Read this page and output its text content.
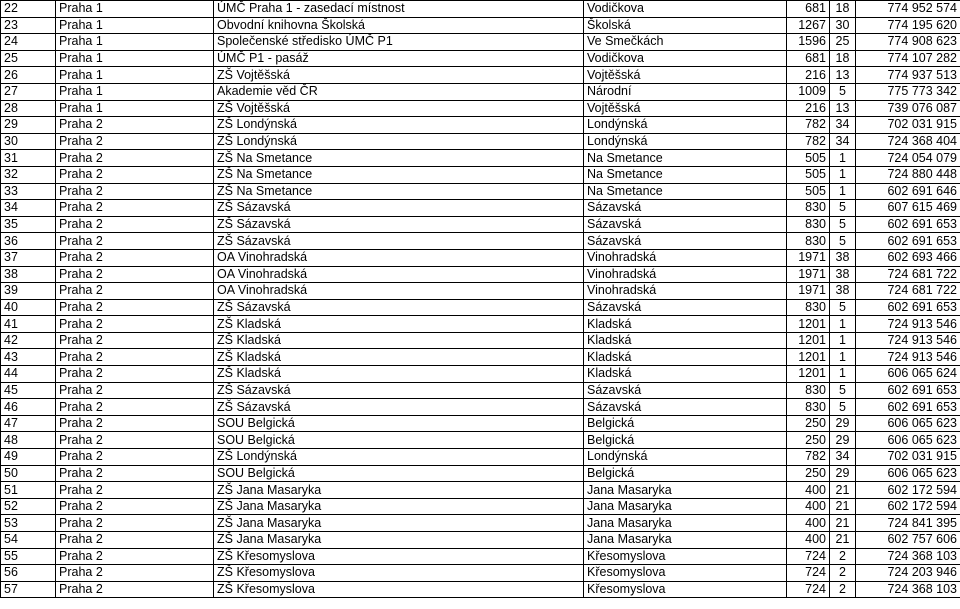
22	Praha 1	ÚMČ Praha 1 - zasedací místnost	Vodičkova	681	18	774 952 574
23	Praha 1	Obvodní knihovna Školská	Školská	1267	30	774 195 620
24	Praha 1	Společenské středisko ÚMČ P1	Ve Smečkách	1596	25	774 908 623
25	Praha 1	ÚMČ P1 - pasáž	Vodičkova	681	18	774 107 282
26	Praha 1	ZŠ Vojtěšská	Vojtěšská	216	13	774 937 513
27	Praha 1	Akademie věd ČR	Národní	1009	5	775 773 342
28	Praha 1	ZŠ Vojtěšská	Vojtěšská	216	13	739 076 087
29	Praha 2	ZŠ Londýnská	Londýnská	782	34	702 031 915
30	Praha 2	ZŠ Londýnská	Londýnská	782	34	724 368 404
31	Praha 2	ZŠ Na Smetance	Na Smetance	505	1	724 054 079
32	Praha 2	ZŠ Na Smetance	Na Smetance	505	1	724 880 448
33	Praha 2	ZŠ Na Smetance	Na Smetance	505	1	602 691 646
34	Praha 2	ZŠ Sázavská	Sázavská	830	5	607 615 469
35	Praha 2	ZŠ Sázavská	Sázavská	830	5	602 691 653
36	Praha 2	ZŠ Sázavská	Sázavská	830	5	602 691 653
37	Praha 2	OA Vinohradská	Vinohradská	1971	38	602 693 466
38	Praha 2	OA Vinohradská	Vinohradská	1971	38	724 681 722
39	Praha 2	OA Vinohradská	Vinohradská	1971	38	724 681 722
40	Praha 2	ZŠ Sázavská	Sázavská	830	5	602 691 653
41	Praha 2	ZŠ Kladská	Kladská	1201	1	724 913 546
42	Praha 2	ZŠ Kladská	Kladská	1201	1	724 913 546
43	Praha 2	ZŠ Kladská	Kladská	1201	1	724 913 546
44	Praha 2	ZŠ Kladská	Kladská	1201	1	606 065 624
45	Praha 2	ZŠ Sázavská	Sázavská	830	5	602 691 653
46	Praha 2	ZŠ Sázavská	Sázavská	830	5	602 691 653
47	Praha 2	SOU Belgická	Belgická	250	29	606 065 623
48	Praha 2	SOU Belgická	Belgická	250	29	606 065 623
49	Praha 2	ZŠ Londýnská	Londýnská	782	34	702 031 915
50	Praha 2	SOU Belgická	Belgická	250	29	606 065 623
51	Praha 2	ZŠ Jana Masaryka	Jana Masaryka	400	21	602 172 594
52	Praha 2	ZŠ Jana Masaryka	Jana Masaryka	400	21	602 172 594
53	Praha 2	ZŠ Jana Masaryka	Jana Masaryka	400	21	724 841 395
54	Praha 2	ZŠ Jana Masaryka	Jana Masaryka	400	21	602 757 606
55	Praha 2	ZŠ Křesomyslova	Křesomyslova	724	2	724 368 103
56	Praha 2	ZŠ Křesomyslova	Křesomyslova	724	2	724 203 946
57	Praha 2	ZŠ Křesomyslova	Křesomyslova	724	2	724 368 103
